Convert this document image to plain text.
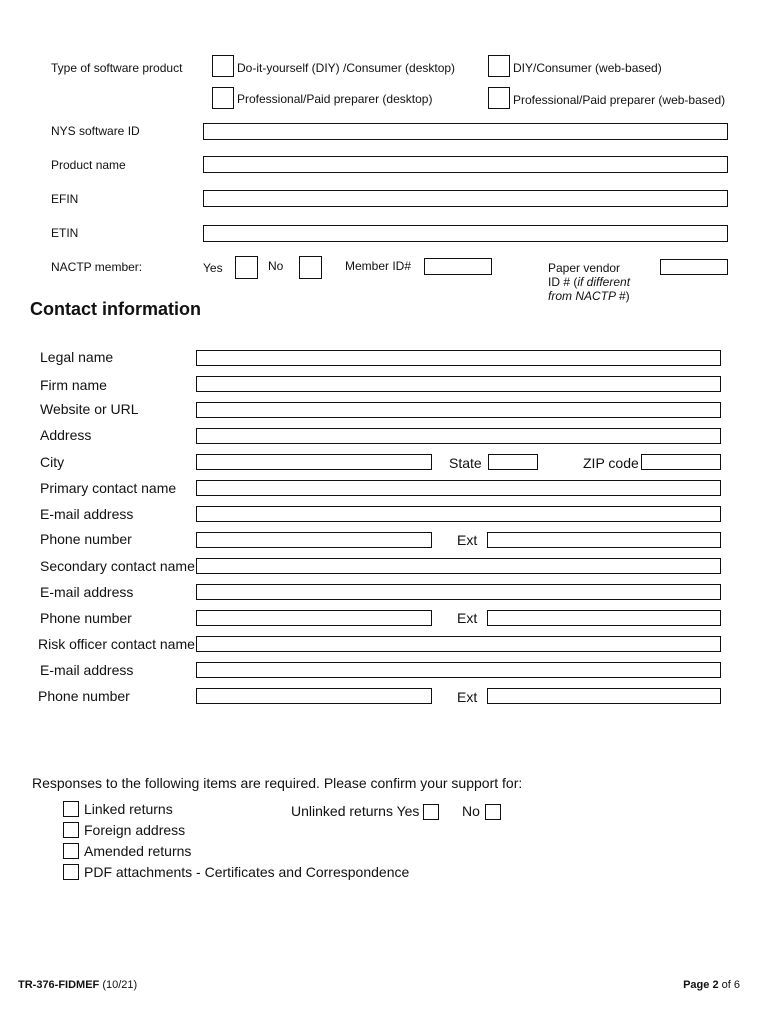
Type of software product	Do-it-yourself (DIY) /Consumer (desktop)	DIY/Consumer (web-based)
Professional/Paid preparer (desktop)	Professional/Paid preparer (web-based)
NYS software ID
Product name
EFIN
ETIN
NACTP member:	Yes	No	Member ID#	Paper vendor
ID # (if different
from NACTP #)
Contact information
Legal name
Firm name
Website or URL
Address
City	State	ZIP code
Primary contact name
E-mail address
Phone number	Ext
Secondary contact name
E-mail address
Phone number	Ext
Risk officer contact name
E-mail address
Phone number	Ext
Responses to the following items are required. Please confirm your support for:
Linked returns	Unlinked returns Yes	No
Foreign address
Amended returns
PDF attachments - Certificates and Correspondence
TR-376-FIDMEF (10/21)	Page 2 of 6
